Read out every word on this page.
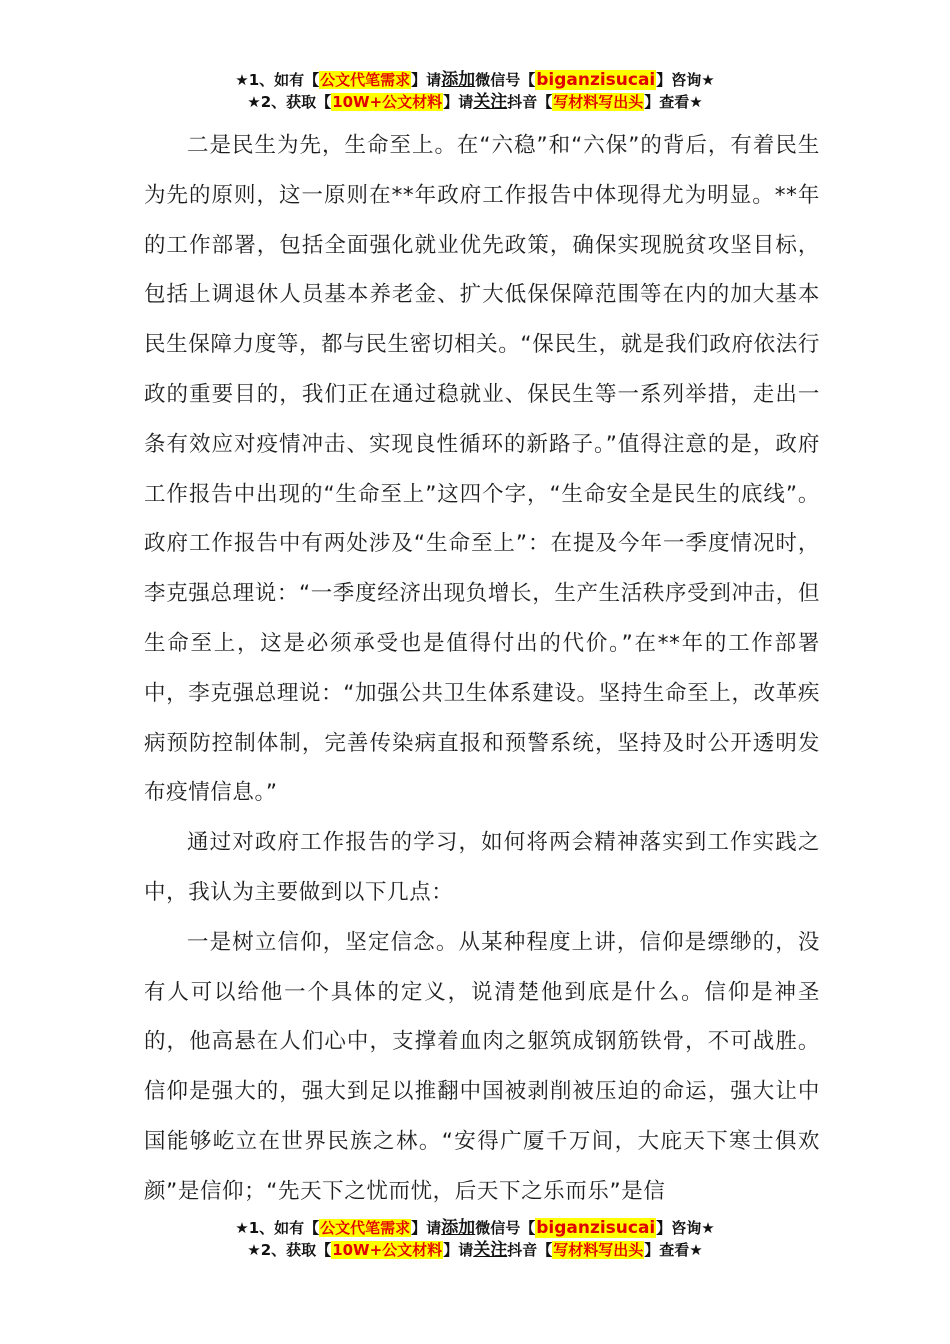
★1、如有【公文代笔需求】请添加微信号【biganzisucai】咨询★
★2、获取【10W+公文材料】请关注抖音【写材料写出头】查看★

二是民生为先，生命至上。在“六稳”和“六保”的背后，有着民生为先的原则，这一原则在**年政府工作报告中体现得尤为明显。**年的工作部署，包括全面强化就业优先政策，确保实现脱贫攻坚目标，包括上调退休人员基本养老金、扩大低保保障范围等在内的加大基本民生保障力度等，都与民生密切相关。“保民生，就是我们政府依法行政的重要目的，我们正在通过稳就业、保民生等一系列举措，走出一条有效应对疫情冲击、实现良性循环的新路子。”值得注意的是，政府工作报告中出现的“生命至上”这四个字，“生命安全是民生的底线”。政府工作报告中有两处涉及“生命至上”：在提及今年一季度情况时，李克强总理说：“一季度经济出现负增长，生产生活秩序受到冲击，但生命至上，这是必须承受也是值得付出的代价。”在**年的工作部署中，李克强总理说：“加强公共卫生体系建设。坚持生命至上，改革疾病预防控制体制，完善传染病直报和预警系统，坚持及时公开透明发布疫情信息。”

通过对政府工作报告的学习，如何将两会精神落实到工作实践之中，我认为主要做到以下几点：

一是树立信仰，坚定信念。从某种程度上讲，信仰是缥缈的，没有人可以给他一个具体的定义，说清楚他到底是什么。信仰是神圣的，他高悬在人们心中，支撑着血肉之躯筑成钢筋铁骨，不可战胜。信仰是强大的，强大到足以推翻中国被剥削被压迫的命运，强大让中国能够屹立在世界民族之林。“安得广厦千万间，大庇天下寒士俱欢颜”是信仰；“先天下之忧而忧，后天下之乐而乐”是信

★1、如有【公文代笔需求】请添加微信号【biganzisucai】咨询★
★2、获取【10W+公文材料】请关注抖音【写材料写出头】查看★
